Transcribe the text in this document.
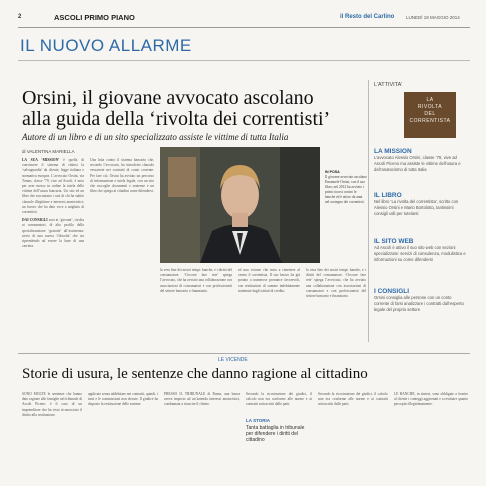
2	ASCOLI PRIMO PIANO	il Resto del Carlino	LUNEDÌ 19 MAGGIO 2014
IL NUOVO ALLARME
Orsini, il giovane avvocato ascolano
alla guida della ‘rivolta dei correntisti’
Autore di un libro e di un sito specializzato assiste le vittime di tutta Italia
di VALENTINA MARIELLA

LA SUA ‘MISSION’ è quella di convincere il sistema di ridarsi la ‘salvaguardia’ da cliente, legge italiana e normativa europea. L’avvocato Orsini, via Tomas, classe ’79, vice ad Ascoli, è noto per aver messo in ordine la tutela delle vittime dell’usura bancaria. Un sito ed un libro che raccontano i casi di chi ha subito clausole illegittime e interessi anatocistici; un lavoro che ha dato voce a migliaia di correntisti.

DAI CONSIGLI suoi ai ‘giovani’, rivolta ai consumatori, di alto profilo della specializzazione ‘gratuite’ all’assistenza: avvio di una nuova ‘filosofia’ che sta riprendendo ad essere la base di una carriera.

Una lotta contro il sistema bancario che, secondo l’avvocato, ha introdotto clausole vessatorie nei contratti di conto corrente. Per fare ciò, Orsini ha avviato un percorso di informazione e tutela legale, con un sito che raccoglie documenti e sentenze e un libro che spiega ai cittadini come difendersi.
IN POSA
Il giovane avvocato ascolano Emanuele Orsini, con il suo libro; nel 2012 ha avviato i primi ricorsi contro le banche ed è attivo da anni nel sostegno dei correntisti.
la vera fine dei nostri tempi: banche, e i diritti del consumatore. ‘Occorre fare rete’ spiega l’avvocato, che ha avviato una collaborazione con associazioni di consumatori e con professionisti del settore bancario e finanziario.
ed una visione che mira a rimettere al centro il correntista. Il suo lavoro ha già portato a numerose pronunce favorevoli, con restituzioni di somme indebitamente trattenute dagli istituti di credito.
la vera fine dei nostri tempi: banche, e i diritti del consumatore. ‘Occorre fare rete’ spiega l’avvocato, che ha avviato una collaborazione con associazioni di consumatori e con professionisti del settore bancario e finanziario.
L’ATTIVITA’
LA
RIVOLTA
DEL
CORRENTISTA
LA MISSION
L’avvocato Alessio Orsini, classe ’79, vive ad Ascoli Piceno ma assiste le vittime dell’usura e dell’anatocismo di tutta Italia
IL LIBRO
Nel libro ‘La rivolta del correntista’, scritto con Alessio Orsini e Mario Bortolotto, tantissimi consigli utili per tutelarsi
IL SITO WEB
Ad Ascoli è attivo il suo sito web con sezioni specializzate: servizi di consulenza, modulistica e informazioni su come difendersi
I CONSIGLI
Orsini consiglia alle persone con un conto corrente di farsi analizzare i contratti dall’esperto legale del proprio settore
LE VICENDE
Storie di usura, le sentenze che danno ragione al cittadino
SONO MOLTE le sentenze che hanno dato ragione alle famiglie nel tribunale di Ascoli Piceno: è il caso di un imprenditore che ha visto riconosciuto il diritto alla restituzione.
applicate senza addebitare nei contratti, quindi, i tassi e le commissioni non dovute. Il giudice ha disposto la restituzione delle somme.
PRESSO IL TRIBUNALE di Roma, una banca aveva imposto ad un’azienda interessi anatocistici, condannata a risarcire il cliente.
Secondo la ricostruzione dei giudici, il calcolo non era conforme alle norme e ai contratti sottoscritti dalle parti.
LA STORIA
Tanta battaglia in tribunale per difendere i diritti del cittadino
Secondo la ricostruzione dei giudici, il calcolo non era conforme alle norme e ai contratti sottoscritti dalle parti.
LE BANCHE, in sintesi, sono obbligate a fornire al cliente i conteggi aggiornati e a restituire quanto percepito illegittimamente.
